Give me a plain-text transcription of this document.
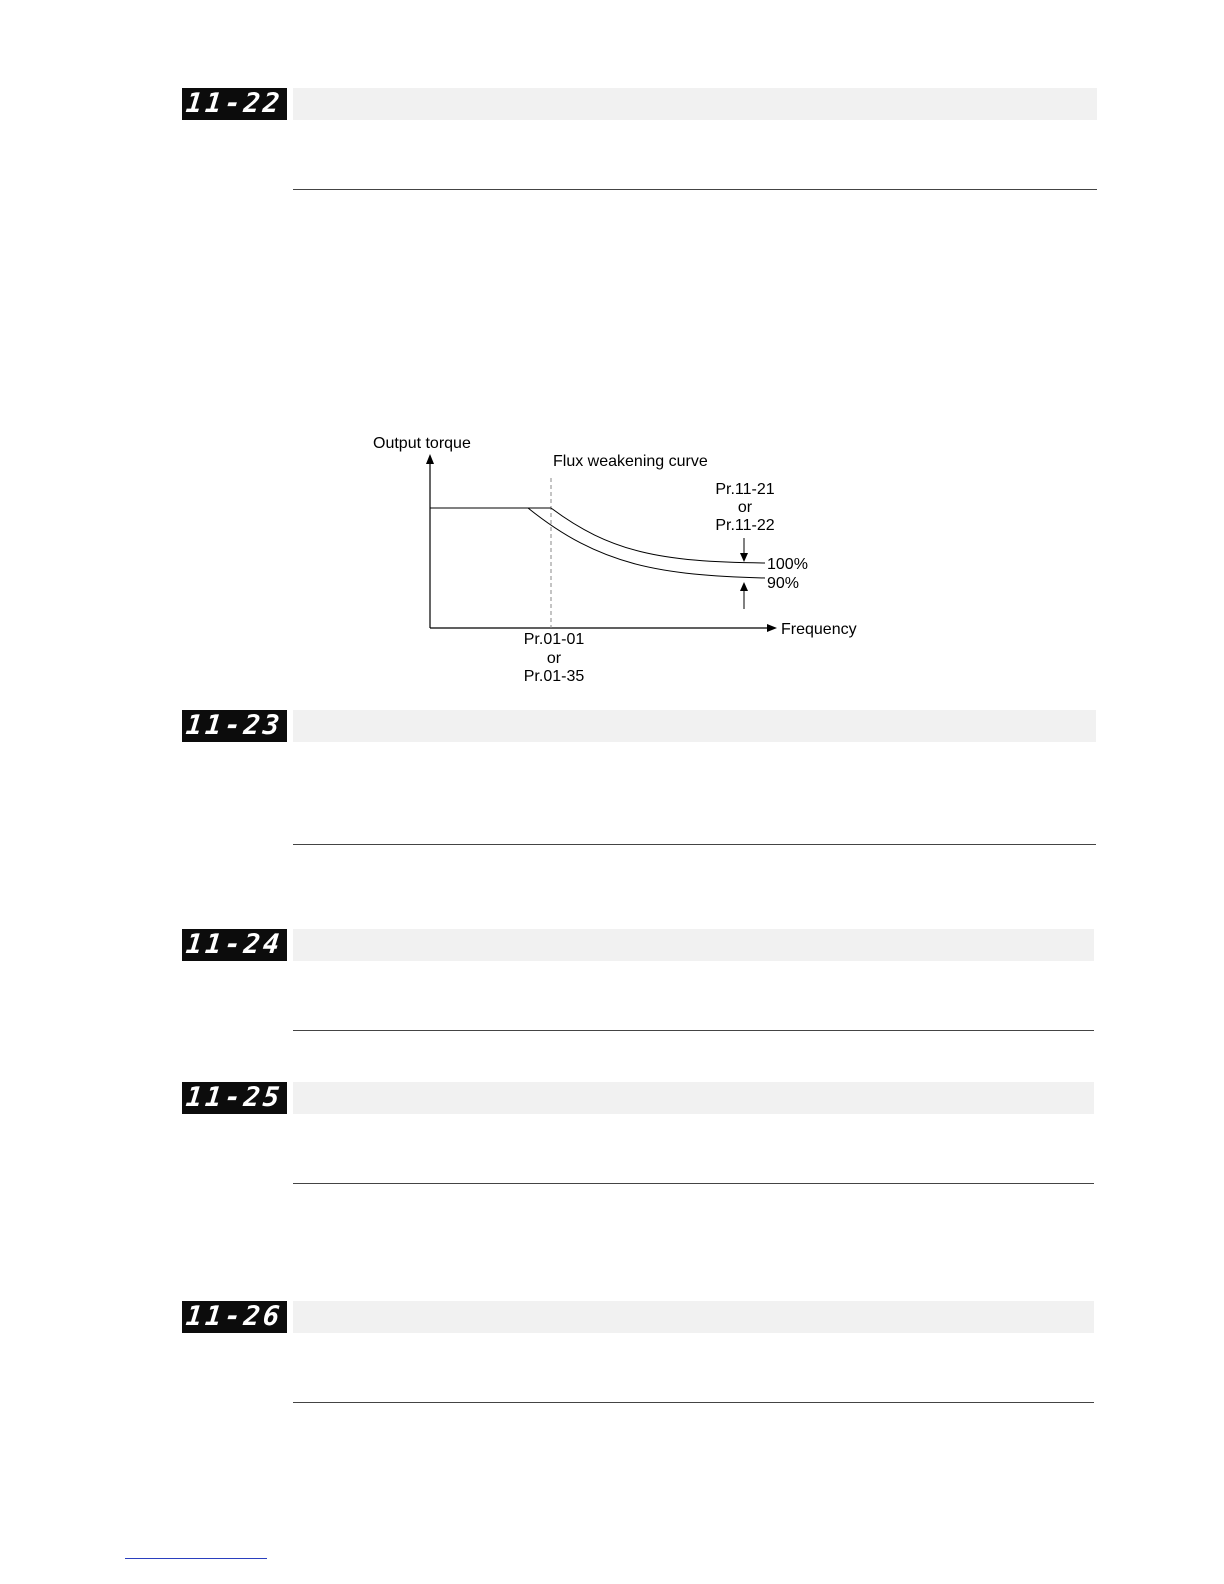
11-22
Output torque
Flux weakening curve
Pr.11-21
or
Pr.11-22
100%
90%
Frequency
Pr.01-01
or
Pr.01-35
11-23
11-24
11-25
11-26
